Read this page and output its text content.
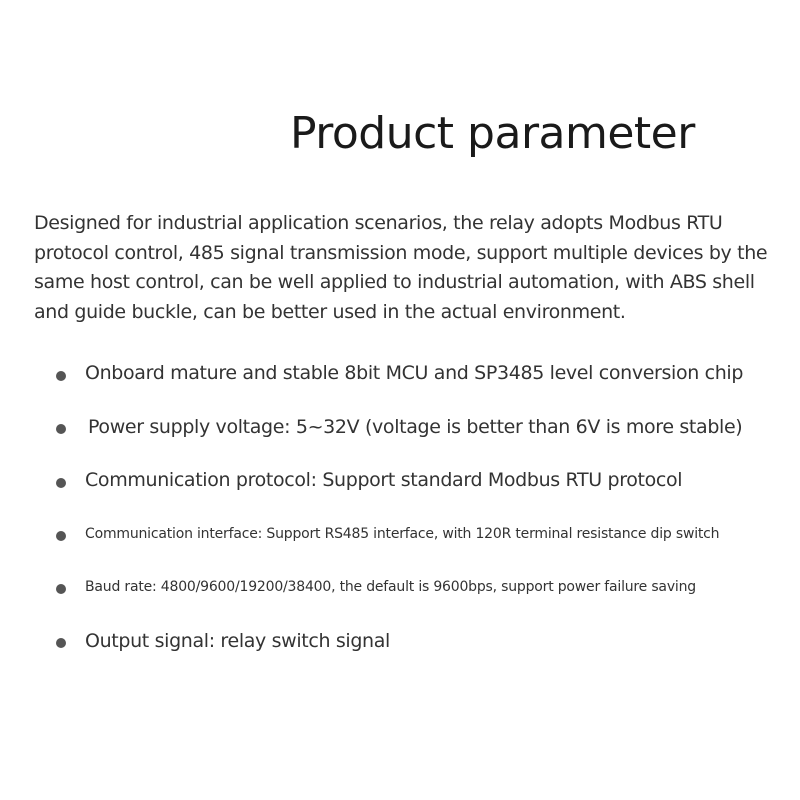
Product parameter
Designed for industrial application scenarios, the relay adopts Modbus RTU protocol control, 485 signal transmission mode, support multiple devices by the same host control, can be well applied to industrial automation, with ABS shell and guide buckle, can be better used in the actual environment.
Onboard mature and stable 8bit MCU and SP3485 level conversion chip
Power supply voltage: 5~32V (voltage is better than 6V is more stable)
Communication protocol: Support standard Modbus RTU protocol
Communication interface: Support RS485 interface, with 120R terminal resistance dip switch
Baud rate: 4800/9600/19200/38400, the default is 9600bps, support power failure saving
Output signal: relay switch signal
